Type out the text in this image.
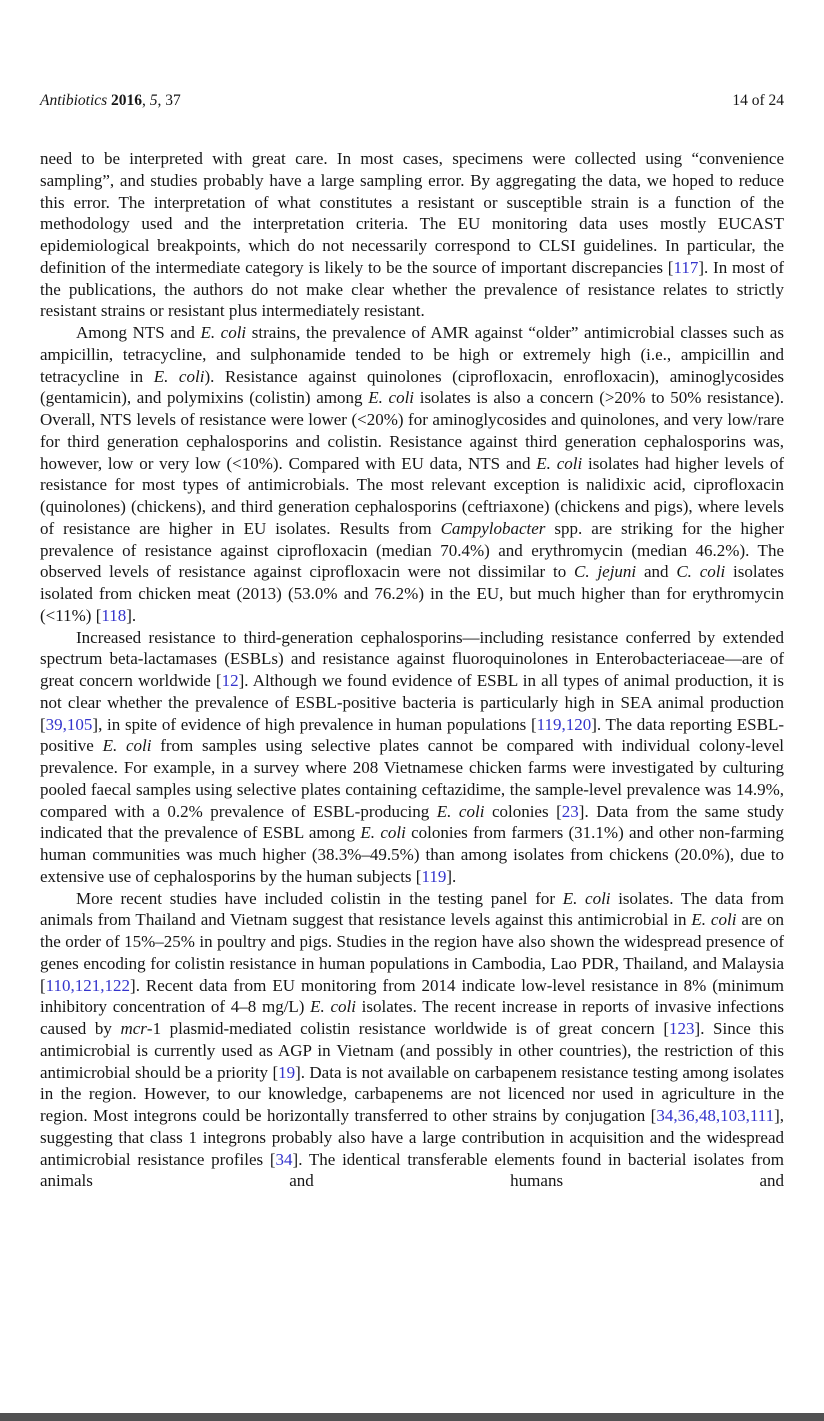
Antibiotics 2016, 5, 37	14 of 24

need to be interpreted with great care. In most cases, specimens were collected using “convenience sampling”, and studies probably have a large sampling error. By aggregating the data, we hoped to reduce this error. The interpretation of what constitutes a resistant or susceptible strain is a function of the methodology used and the interpretation criteria. The EU monitoring data uses mostly EUCAST epidemiological breakpoints, which do not necessarily correspond to CLSI guidelines. In particular, the definition of the intermediate category is likely to be the source of important discrepancies [117]. In most of the publications, the authors do not make clear whether the prevalence of resistance relates to strictly resistant strains or resistant plus intermediately resistant.

Among NTS and E. coli strains, the prevalence of AMR against “older” antimicrobial classes such as ampicillin, tetracycline, and sulphonamide tended to be high or extremely high (i.e., ampicillin and tetracycline in E. coli). Resistance against quinolones (ciprofloxacin, enrofloxacin), aminoglycosides (gentamicin), and polymixins (colistin) among E. coli isolates is also a concern (>20% to 50% resistance). Overall, NTS levels of resistance were lower (<20%) for aminoglycosides and quinolones, and very low/rare for third generation cephalosporins and colistin. Resistance against third generation cephalosporins was, however, low or very low (<10%). Compared with EU data, NTS and E. coli isolates had higher levels of resistance for most types of antimicrobials. The most relevant exception is nalidixic acid, ciprofloxacin (quinolones) (chickens), and third generation cephalosporins (ceftriaxone) (chickens and pigs), where levels of resistance are higher in EU isolates. Results from Campylobacter spp. are striking for the higher prevalence of resistance against ciprofloxacin (median 70.4%) and erythromycin (median 46.2%). The observed levels of resistance against ciprofloxacin were not dissimilar to C. jejuni and C. coli isolates isolated from chicken meat (2013) (53.0% and 76.2%) in the EU, but much higher than for erythromycin (<11%) [118].

Increased resistance to third-generation cephalosporins—including resistance conferred by extended spectrum beta-lactamases (ESBLs) and resistance against fluoroquinolones in Enterobacteriaceae—are of great concern worldwide [12]. Although we found evidence of ESBL in all types of animal production, it is not clear whether the prevalence of ESBL-positive bacteria is particularly high in SEA animal production [39,105], in spite of evidence of high prevalence in human populations [119,120]. The data reporting ESBL-positive E. coli from samples using selective plates cannot be compared with individual colony-level prevalence. For example, in a survey where 208 Vietnamese chicken farms were investigated by culturing pooled faecal samples using selective plates containing ceftazidime, the sample-level prevalence was 14.9%, compared with a 0.2% prevalence of ESBL-producing E. coli colonies [23]. Data from the same study indicated that the prevalence of ESBL among E. coli colonies from farmers (31.1%) and other non-farming human communities was much higher (38.3%–49.5%) than among isolates from chickens (20.0%), due to extensive use of cephalosporins by the human subjects [119].

More recent studies have included colistin in the testing panel for E. coli isolates. The data from animals from Thailand and Vietnam suggest that resistance levels against this antimicrobial in E. coli are on the order of 15%–25% in poultry and pigs. Studies in the region have also shown the widespread presence of genes encoding for colistin resistance in human populations in Cambodia, Lao PDR, Thailand, and Malaysia [110,121,122]. Recent data from EU monitoring from 2014 indicate low-level resistance in 8% (minimum inhibitory concentration of 4–8 mg/L) E. coli isolates. The recent increase in reports of invasive infections caused by mcr-1 plasmid-mediated colistin resistance worldwide is of great concern [123]. Since this antimicrobial is currently used as AGP in Vietnam (and possibly in other countries), the restriction of this antimicrobial should be a priority [19]. Data is not available on carbapenem resistance testing among isolates in the region. However, to our knowledge, carbapenems are not licenced nor used in agriculture in the region. Most integrons could be horizontally transferred to other strains by conjugation [34,36,48,103,111], suggesting that class 1 integrons probably also have a large contribution in acquisition and the widespread antimicrobial resistance profiles [34]. The identical transferable elements found in bacterial isolates from animals and humans and
